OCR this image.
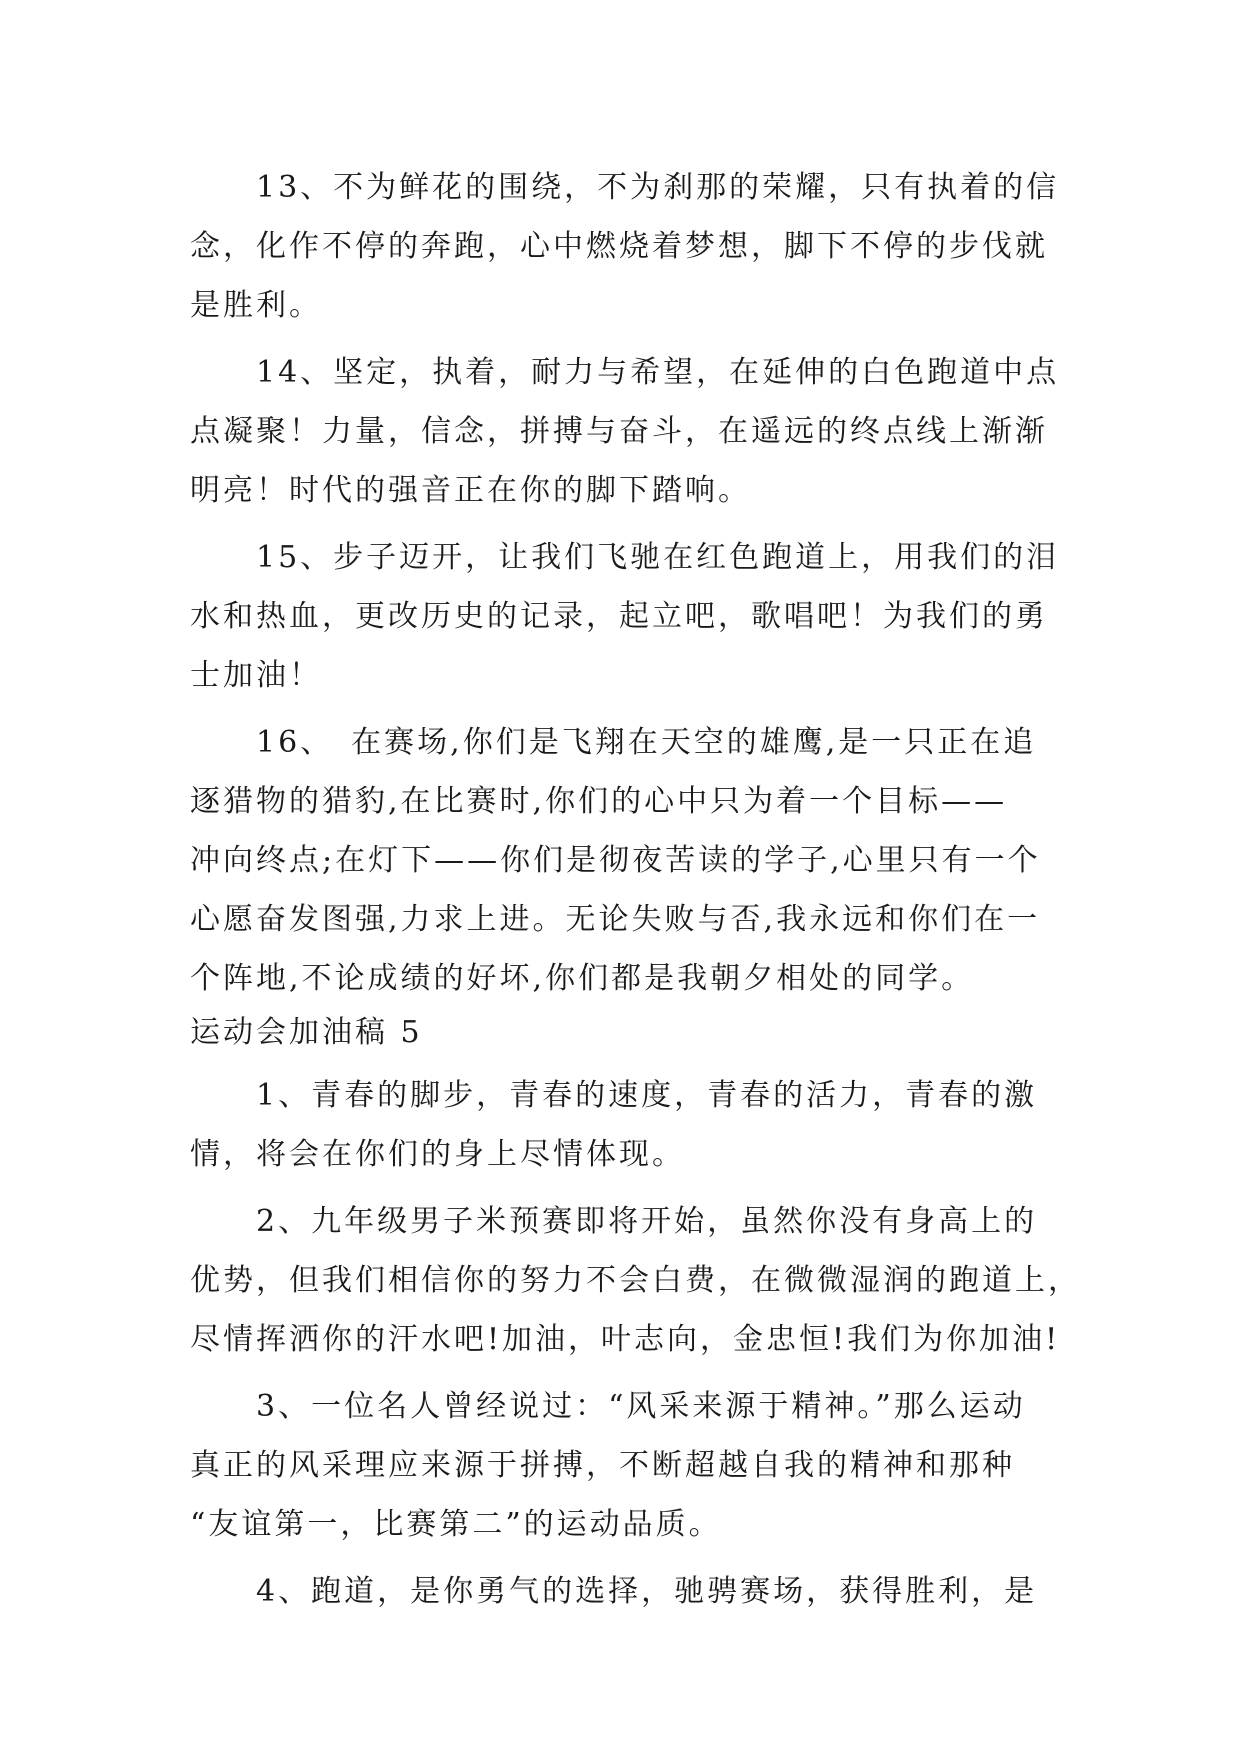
13、不为鲜花的围绕，不为刹那的荣耀，只有执着的信
念，化作不停的奔跑，心中燃烧着梦想，脚下不停的步伐就
是胜利。

14、坚定，执着，耐力与希望，在延伸的白色跑道中点
点凝聚！力量，信念，拼搏与奋斗，在遥远的终点线上渐渐
明亮！时代的强音正在你的脚下踏响。

15、步子迈开，让我们飞驰在红色跑道上，用我们的泪
水和热血，更改历史的记录，起立吧，歌唱吧！为我们的勇
士加油！

16、　在赛场,你们是飞翔在天空的雄鹰,是一只正在追
逐猎物的猎豹,在比赛时,你们的心中只为着一个目标——
冲向终点;在灯下——你们是彻夜苦读的学子,心里只有一个
心愿奋发图强,力求上进。无论失败与否,我永远和你们在一
个阵地,不论成绩的好坏,你们都是我朝夕相处的同学。

运动会加油稿 5

1、青春的脚步，青春的速度，青春的活力，青春的激
情，将会在你们的身上尽情体现。

2、九年级男子米预赛即将开始，虽然你没有身高上的
优势，但我们相信你的努力不会白费，在微微湿润的跑道上，
尽情挥洒你的汗水吧!加油，叶志向，金忠恒!我们为你加油!

3、一位名人曾经说过：“风采来源于精神。”那么运动
真正的风采理应来源于拼搏，不断超越自我的精神和那种
“友谊第一，比赛第二”的运动品质。

4、跑道，是你勇气的选择，驰骋赛场，获得胜利，是
